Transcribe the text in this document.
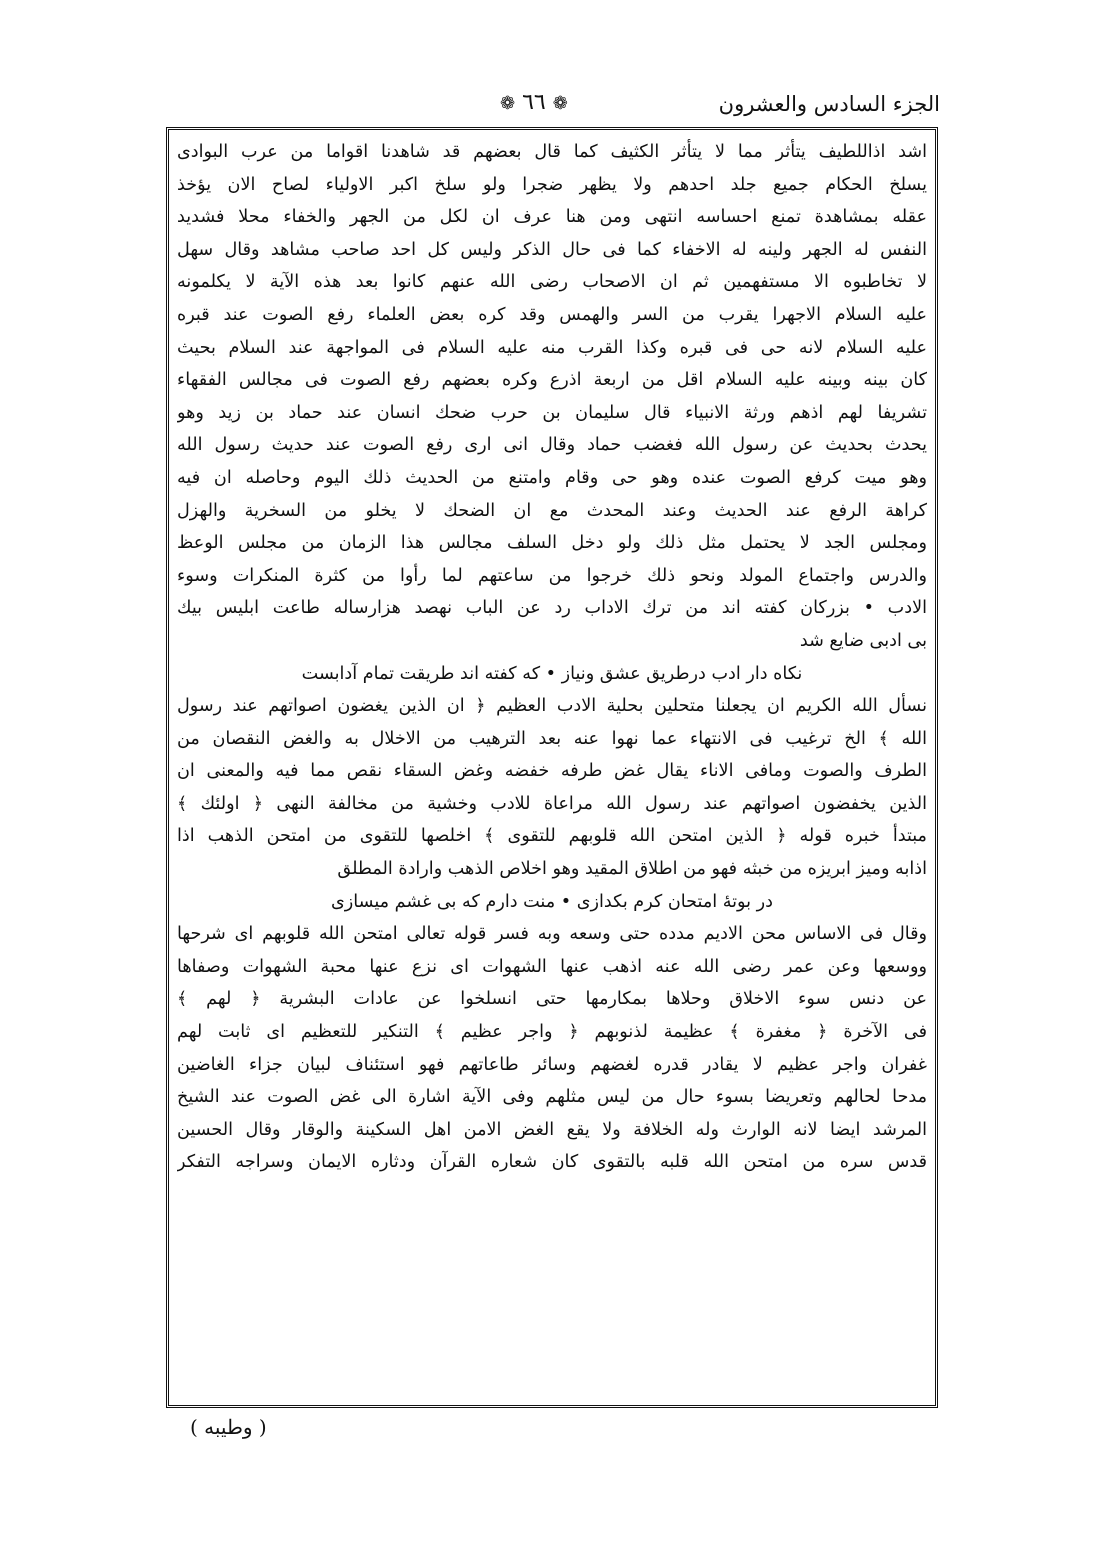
الجزء السادس والعشرون
❁ ٦٦ ❁
اشد اذاللطيف يتأثر مما لا يتأثر الكثيف كما قال بعضهم قد شاهدنا اقواما من عرب البوادى
يسلخ الحكام جميع جلد احدهم ولا يظهر ضجرا ولو سلخ اكبر الاولياء لصاح الان يؤخذ
عقله بمشاهدة تمنع احساسه انتهى ومن هنا عرف ان لكل من الجهر والخفاء محلا فشديد
النفس له الجهر ولينه له الاخفاء كما فى حال الذكر وليس كل احد صاحب مشاهد وقال سهل
لا تخاطبوه الا مستفهمين ثم ان الاصحاب رضى الله عنهم كانوا بعد هذه الآية لا يكلمونه
عليه السلام الاجهرا يقرب من السر والهمس وقد كره بعض العلماء رفع الصوت عند قبره
عليه السلام لانه حى فى قبره وكذا القرب منه عليه السلام فى المواجهة عند السلام بحيث
كان بينه وبينه عليه السلام اقل من اربعة اذرع وكره بعضهم رفع الصوت فى مجالس الفقهاء
تشريفا لهم اذهم ورثة الانبياء قال سليمان بن حرب ضحك انسان عند حماد بن زيد وهو
يحدث بحديث عن رسول الله فغضب حماد وقال انى ارى رفع الصوت عند حديث رسول الله
وهو ميت كرفع الصوت عنده وهو حى وقام وامتنع من الحديث ذلك اليوم وحاصله ان فيه
كراهة الرفع عند الحديث وعند المحدث مع ان الضحك لا يخلو من السخرية والهزل
ومجلس الجد لا يحتمل مثل ذلك ولو دخل السلف مجالس هذا الزمان من مجلس الوعظ
والدرس واجتماع المولد ونحو ذلك خرجوا من ساعتهم لما رأوا من كثرة المنكرات وسوء
الادب • بزركان كفته اند من ترك الاداب رد عن الباب نهصد هزارساله طاعت ابليس بيك
بى ادبى ضايع شد
نكاه دار ادب درطريق عشق ونياز • كه كفته اند طريقت تمام آدابست
نسأل الله الكريم ان يجعلنا متحلين بحلية الادب العظيم ﴿ ان الذين يغضون اصواتهم عند رسول
الله ﴾ الخ ترغيب فى الانتهاء عما نهوا عنه بعد الترهيب من الاخلال به والغض النقصان من
الطرف والصوت ومافى الاناء يقال غض طرفه خفضه وغض السقاء نقص مما فيه والمعنى ان
الذين يخفضون اصواتهم عند رسول الله مراعاة للادب وخشية من مخالفة النهى ﴿ اولئك ﴾
مبتدأ خبره قوله ﴿ الذين امتحن الله قلوبهم للتقوى ﴾ اخلصها للتقوى من امتحن الذهب اذا
اذابه وميز ابريزه من خبثه فهو من اطلاق المقيد وهو اخلاص الذهب وارادة المطلق
در بوتهٔ امتحان كرم بكدازى • منت دارم كه بى غشم ميسازى
وقال فى الاساس محن الاديم مدده حتى وسعه وبه فسر قوله تعالى امتحن الله قلوبهم اى شرحها
ووسعها وعن عمر رضى الله عنه اذهب عنها الشهوات اى نزع عنها محبة الشهوات وصفاها
عن دنس سوء الاخلاق وحلاها بمكارمها حتى انسلخوا عن عادات البشرية ﴿ لهم ﴾
فى الآخرة ﴿ مغفرة ﴾ عظيمة لذنوبهم ﴿ واجر عظيم ﴾ التنكير للتعظيم اى ثابت لهم
غفران واجر عظيم لا يقادر قدره لغضهم وسائر طاعاتهم فهو استئناف لبيان جزاء الغاضين
مدحا لحالهم وتعريضا بسوء حال من ليس مثلهم وفى الآية اشارة الى غض الصوت عند الشيخ
المرشد ايضا لانه الوارث وله الخلافة ولا يقع الغض الامن اهل السكينة والوقار وقال الحسين
قدس سره من امتحن الله قلبه بالتقوى كان شعاره القرآن ودثاره الايمان وسراجه التفكر
( وطيبه )
